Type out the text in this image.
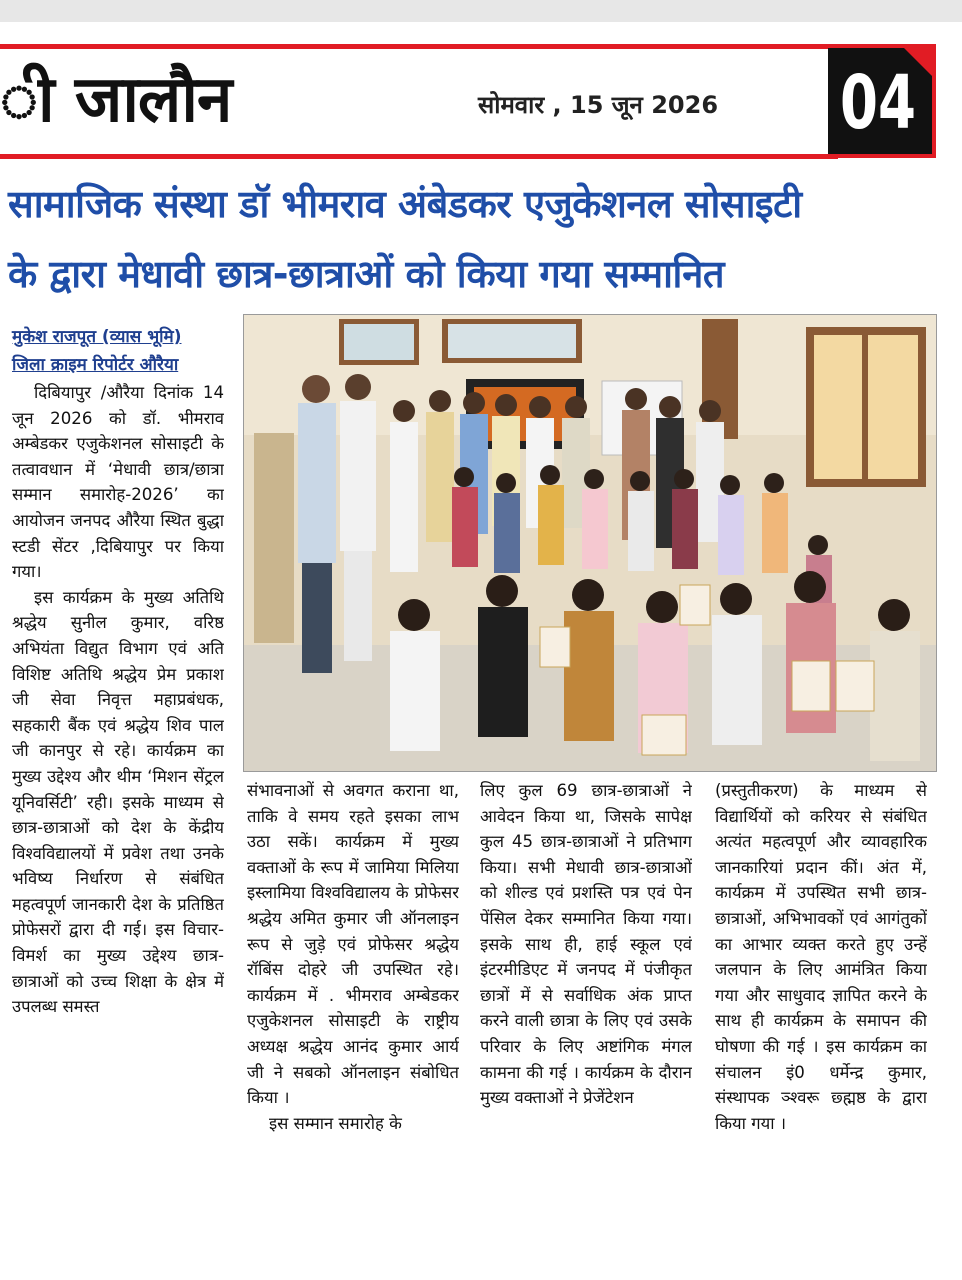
ी जालौन	सोमवार , 15 जून 2026 04
सामाजिक संस्था डॉ भीमराव अंबेडकर एजुकेशनल सोसाइटी
के द्वारा मेधावी छात्र-छात्राओं को किया गया सम्मानित
मुकेश राजपूत (व्यास भूमि)
जिला क्राइम रिपोर्टर औरैया

दिबियापुर /औरैया दिनांक 14 जून 2026 को डॉ. भीमराव अम्बेडकर एजुकेशनल सोसाइटी के तत्वावधान में ‘मेधावी छात्र/छात्रा सम्मान समारोह-2026’ का आयोजन जनपद औरैया स्थित बुद्धा स्टडी सेंटर ,दिबियापुर पर किया गया।

इस कार्यक्रम के मुख्य अतिथि श्रद्धेय सुनील कुमार, वरिष्ठ अभियंता विद्युत विभाग एवं अति विशिष्ट अतिथि श्रद्धेय प्रेम प्रकाश जी सेवा निवृत्त महाप्रबंधक, सहकारी बैंक एवं श्रद्धेय शिव पाल जी कानपुर से रहे। कार्यक्रम का मुख्य उद्देश्य और थीम ‘मिशन सेंट्रल यूनिवर्सिटी’ रही। इसके माध्यम से छात्र-छात्राओं को देश के केंद्रीय विश्वविद्यालयों में प्रवेश तथा उनके भविष्य निर्धारण से संबंधित महत्वपूर्ण जानकारी देश के प्रतिष्ठित प्रोफेसरों द्वारा दी गई। इस विचार-विमर्श का मुख्य उद्देश्य छात्र-छात्राओं को उच्च शिक्षा के क्षेत्र में उपलब्ध समस्त

संभावनाओं से अवगत कराना था, ताकि वे समय रहते इसका लाभ उठा सकें। कार्यक्रम में मुख्य वक्ताओं के रूप में जामिया मिलिया इस्लामिया विश्वविद्यालय के प्रोफेसर श्रद्धेय अमित कुमार जी ऑनलाइन रूप से जुड़े एवं प्रोफेसर श्रद्धेय रॉबिंस दोहरे जी उपस्थित रहे। कार्यक्रम में . भीमराव अम्बेडकर एजुकेशनल सोसाइटी के राष्ट्रीय अध्यक्ष श्रद्धेय आनंद कुमार आर्य जी ने सबको ऑनलाइन संबोधित किया ।

इस सम्मान समारोह के

लिए कुल 69 छात्र-छात्राओं ने आवेदन किया था, जिसके सापेक्ष कुल 45 छात्र-छात्राओं ने प्रतिभाग किया। सभी मेधावी छात्र-छात्राओं को शील्ड एवं प्रशस्ति पत्र एवं पेन पेंसिल देकर सम्मानित किया गया। इसके साथ ही, हाई स्कूल एवं इंटरमीडिएट में जनपद में पंजीकृत छात्रों में से सर्वाधिक अंक प्राप्त करने वाली छात्रा के लिए एवं उसके परिवार के लिए अष्टांगिक मंगल कामना की गई । कार्यक्रम के दौरान मुख्य वक्ताओं ने प्रेजेंटेशन

(प्रस्तुतीकरण) के माध्यम से विद्यार्थियों को करियर से संबंधित अत्यंत महत्वपूर्ण और व्यावहारिक जानकारियां प्रदान कीं। अंत में, कार्यक्रम में उपस्थित सभी छात्र-छात्राओं, अभिभावकों एवं आगंतुकों का आभार व्यक्त करते हुए उन्हें जलपान के लिए आमंत्रित किया गया और साधुवाद ज्ञापित करने के साथ ही कार्यक्रम के समापन की घोषणा की गई । इस कार्यक्रम का संचालन इं0 धर्मेन्द्र कुमार, संस्थापक ञ्श्वरू छ्ह्मष्ठ के द्वारा किया गया ।
